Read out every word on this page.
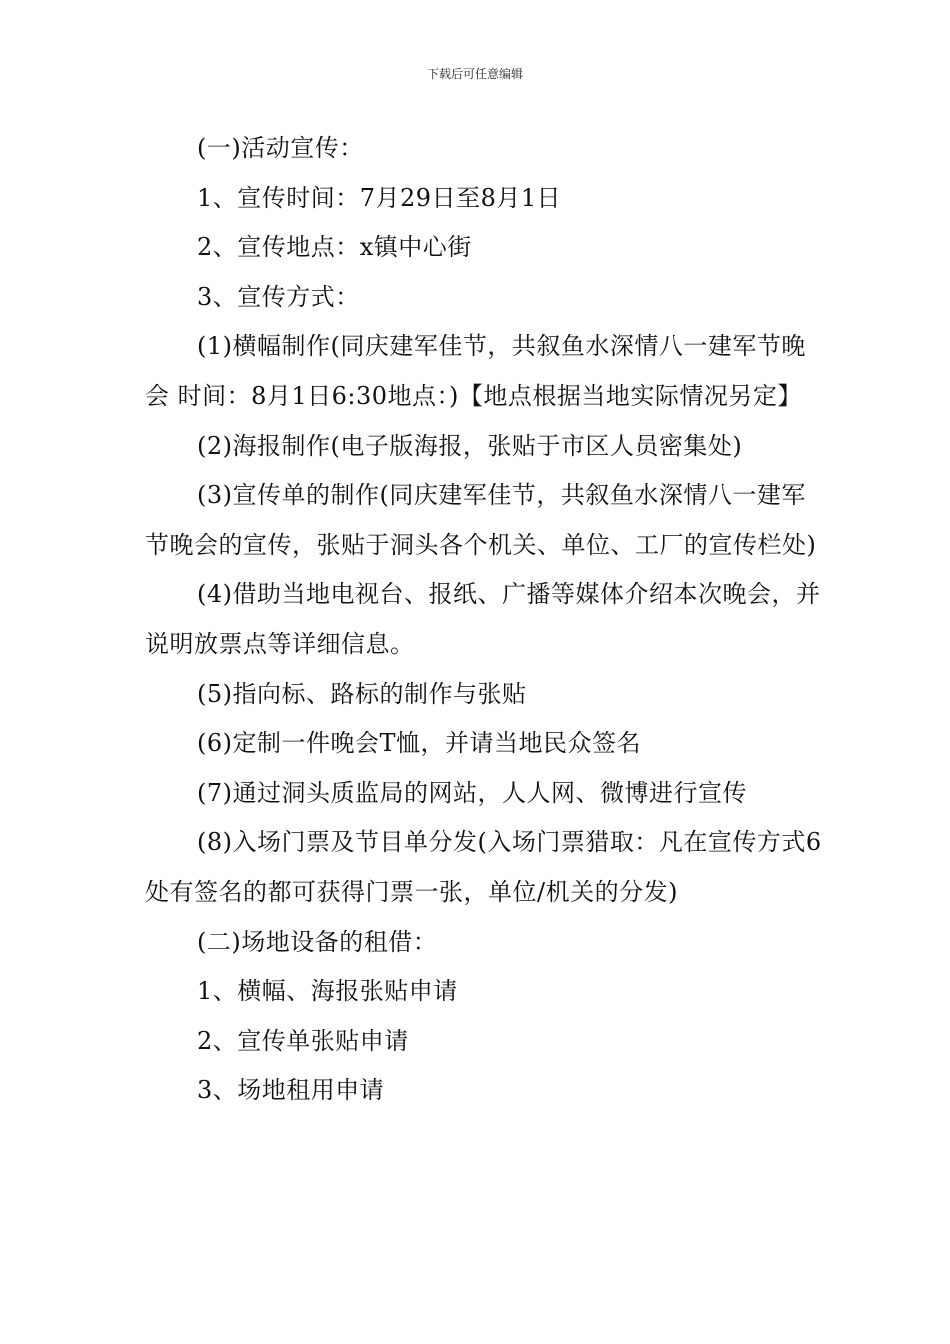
下载后可任意编辑

(一)活动宣传：

1、宣传时间：7月29日至8月1日

2、宣传地点：x镇中心街

3、宣传方式：

(1)横幅制作(同庆建军佳节，共叙鱼水深情八一建军节晚会 时间：8月1日6:30地点：)【地点根据当地实际情况另定】

(2)海报制作(电子版海报，张贴于市区人员密集处)

(3)宣传单的制作(同庆建军佳节，共叙鱼水深情八一建军节晚会的宣传，张贴于洞头各个机关、单位、工厂的宣传栏处)

(4)借助当地电视台、报纸、广播等媒体介绍本次晚会，并说明放票点等详细信息。

(5)指向标、路标的制作与张贴

(6)定制一件晚会T恤，并请当地民众签名

(7)通过洞头质监局的网站，人人网、微博进行宣传

(8)入场门票及节目单分发(入场门票猎取：凡在宣传方式6处有签名的都可获得门票一张，单位/机关的分发)

(二)场地设备的租借：

1、横幅、海报张贴申请

2、宣传单张贴申请

3、场地租用申请
